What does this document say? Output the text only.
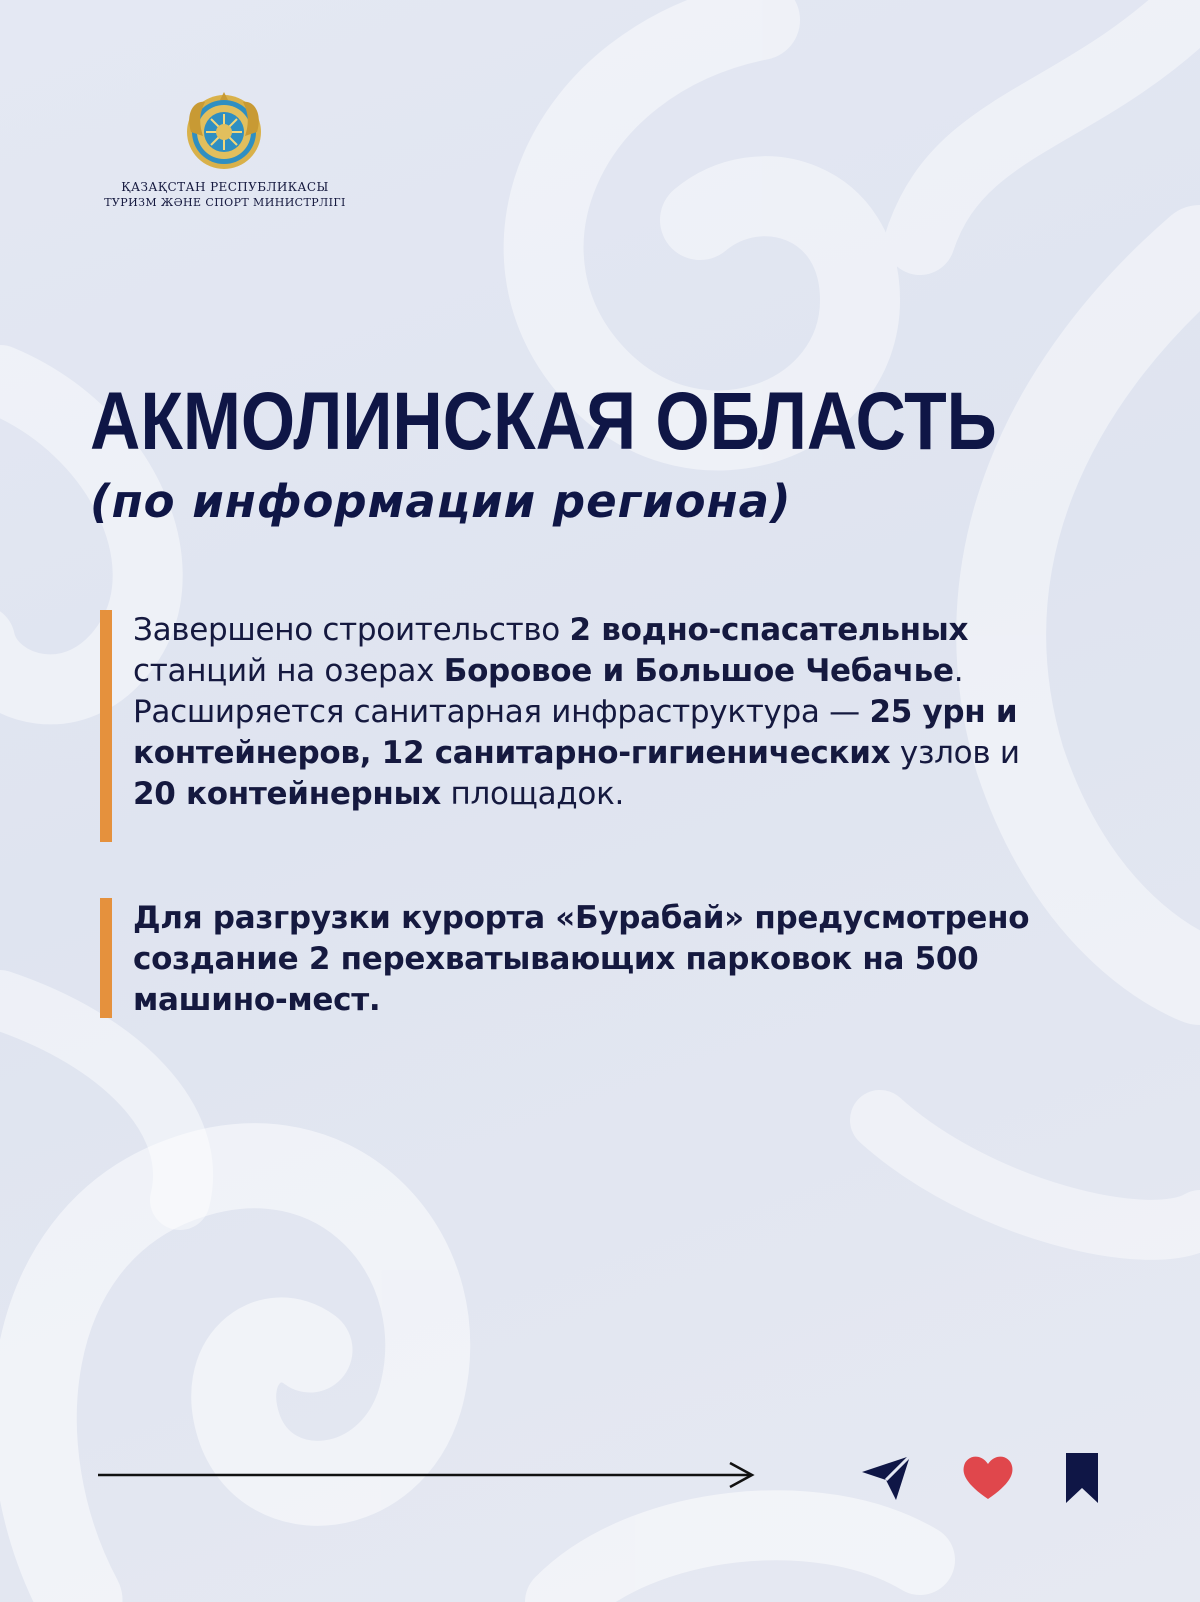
ҚАЗАҚСТАН РЕСПУБЛИКАСЫ
ТУРИЗМ ЖӘНЕ СПОРТ МИНИСТРЛІГІ
АКМОЛИНСКАЯ ОБЛАСТЬ
(по информации региона)

Завершено строительство 2 водно-спасательных
станций на озерах Боровое и Большое Чебачье.
Расширяется санитарная инфраструктура — 25 урн и
контейнеров, 12 санитарно-гигиенических узлов и
20 контейнерных площадок.

Для разгрузки курорта «Бурабай» предусмотрено
создание 2 перехватывающих парковок на 500
машино-мест.
